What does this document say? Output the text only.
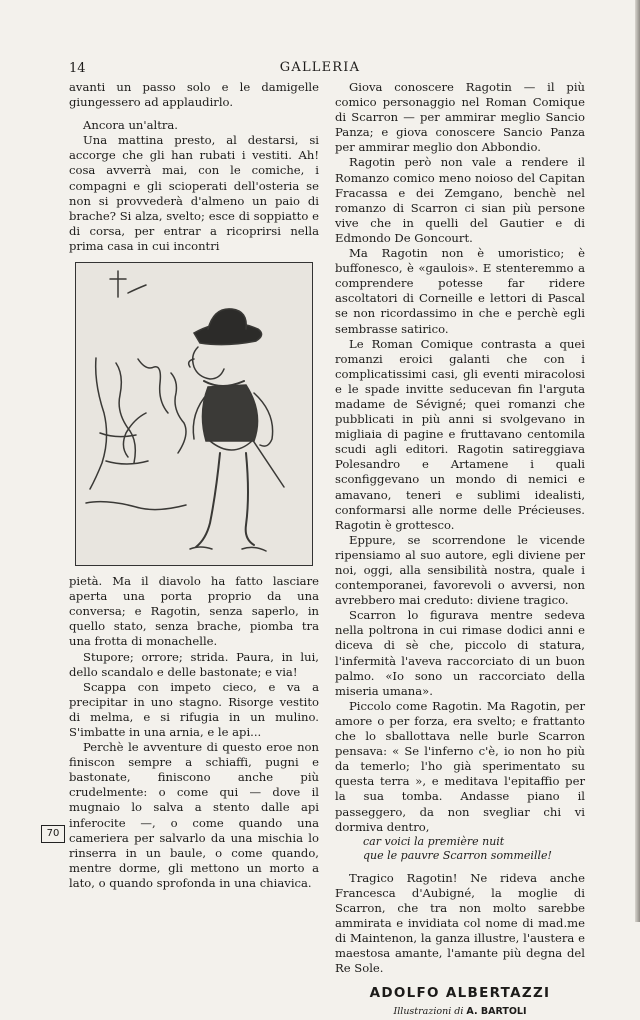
14	GALLERIA

avanti un passo solo e le damigelle giungessero ad applaudirlo.

Ancora un'altra.

Una mattina presto, al destarsi, si accorge che gli han rubati i vestiti. Ah! cosa avverrà mai, con le comiche, i compagni e gli scioperati dell'osteria se non si provvederà d'almeno un paio di brache? Si alza, svelto; esce di soppiatto e di corsa, per entrar a ricoprirsi nella prima casa in cui incontri

pietà. Ma il diavolo ha fatto lasciare aperta una porta proprio da una conversa; e Ragotin, senza saperlo, in quello stato, senza brache, piomba tra una frotta di monachelle.

Stupore; orrore; strida. Paura, in lui, dello scandalo e delle bastonate; e via!

Scappa con impeto cieco, e va a precipitar in uno stagno. Risorge vestito di melma, e si rifugia in un mulino. S'imbatte in una arnia, e le api...

Perchè le avventure di questo eroe non finiscon sempre a schiaffi, pugni e bastonate, finiscono anche più crudelmente: o come qui — dove il mugnaio lo salva a stento dalle api inferocite —, o come quando una cameriera per salvarlo da una mischia lo rinserra in un baule, o come quando, mentre dorme, gli mettono un morto a lato, o quando sprofonda in una chiavica.

Giova conoscere Ragotin — il più comico personaggio nel Roman Comique di Scarron — per ammirar meglio Sancio Panza; e giova conoscere Sancio Panza per ammirar meglio don Abbondio.

Ragotin però non vale a rendere il Romanzo comico meno noioso del Capitan Fracassa e dei Zemgano, benchè nel romanzo di Scarron ci sian più persone vive che in quelli del Gautier e di Edmondo De Goncourt.

Ma Ragotin non è umoristico; è buffonesco, è «gaulois». E stenteremmo a comprendere potesse far ridere ascoltatori di Corneille e lettori di Pascal se non ricordassimo in che e perchè egli sembrasse satirico.

Le Roman Comique contrasta a quei romanzi eroici galanti che con i complicatissimi casi, gli eventi miracolosi e le spade invitte seducevan fin l'arguta madame de Sévigné; quei romanzi che pubblicati in più anni si svolgevano in migliaia di pagine e fruttavano centomila scudi agli editori. Ragotin satireggiava Polesandro e Artamene i quali sconfiggevano un mondo di nemici e amavano, teneri e sublimi idealisti, conformarsi alle norme delle Précieuses. Ragotin è grottesco.

Eppure, se scorrendone le vicende ripensiamo al suo autore, egli diviene per noi, oggi, alla sensibilità nostra, quale i contemporanei, favorevoli o avversi, non avrebbero mai creduto: diviene tragico.

Scarron lo figurava mentre sedeva nella poltrona in cui rimase dodici anni e diceva di sè che, piccolo di statura, l'infermità l'aveva raccorciato di un buon palmo. «Io sono un raccorciato della miseria umana».

Piccolo come Ragotin. Ma Ragotin, per amore o per forza, era svelto; e frattanto che lo sballottava nelle burle Scarron pensava: « Se l'inferno c'è, io non ho più da temerlo; l'ho già sperimentato su questa terra », e meditava l'epitaffio per la sua tomba. Andasse piano il passeggero, da non svegliar chi vi dormiva dentro,

car voici la première nuit

que le pauvre Scarron sommeille!

Tragico Ragotin! Ne rideva anche Francesca d'Aubigné, la moglie di Scarron, che tra non molto sarebbe ammirata e invidiata col nome di mad.me di Maintenon, la ganza illustre, l'austera e maestosa amante, l'amante più degna del Re Sole.

ADOLFO ALBERTAZZI
Illustrazioni di A. BARTOLI
70
